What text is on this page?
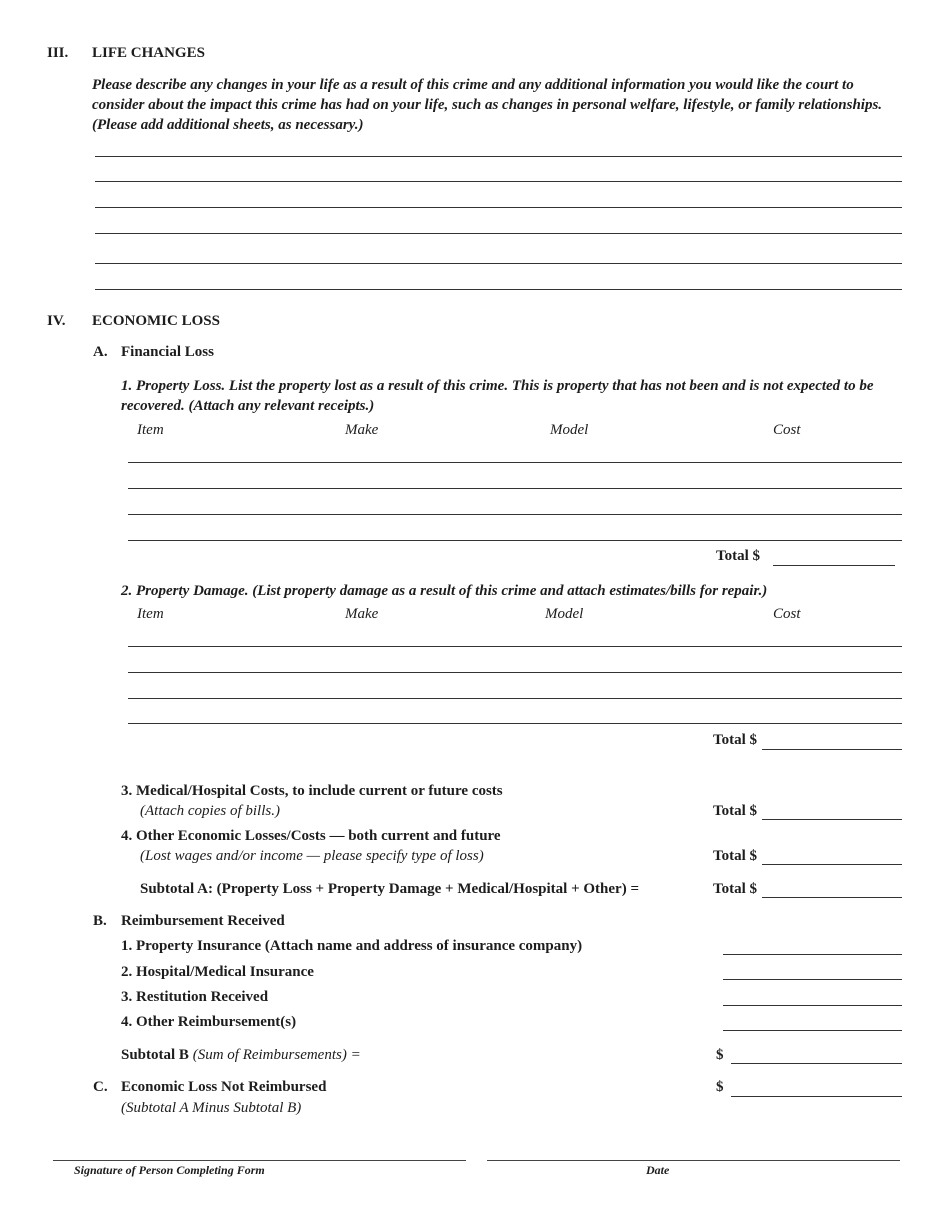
III. LIFE CHANGES
Please describe any changes in your life as a result of this crime and any additional information you would like the court to consider about the impact this crime has had on your life, such as changes in personal welfare, lifestyle, or family relationships. (Please add additional sheets, as necessary.)
IV. ECONOMIC LOSS
A. Financial Loss
1. Property Loss. List the property lost as a result of this crime. This is property that has not been and is not expected to be recovered. (Attach any relevant receipts.)
Item	Make	Model	Cost
Total $
2. Property Damage. (List property damage as a result of this crime and attach estimates/bills for repair.)
Item	Make	Model	Cost
Total $
3. Medical/Hospital Costs, to include current or future costs
(Attach copies of bills.)	Total $
4. Other Economic Losses/Costs — both current and future
(Lost wages and/or income — please specify type of loss)	Total $
Subtotal A: (Property Loss + Property Damage + Medical/Hospital + Other) =	Total $
B. Reimbursement Received
1. Property Insurance (Attach name and address of insurance company)
2. Hospital/Medical Insurance
3. Restitution Received
4. Other Reimbursement(s)
Subtotal B (Sum of Reimbursements) =	$
C. Economic Loss Not Reimbursed
(Subtotal A Minus Subtotal B)
$
Signature of Person Completing Form	Date
